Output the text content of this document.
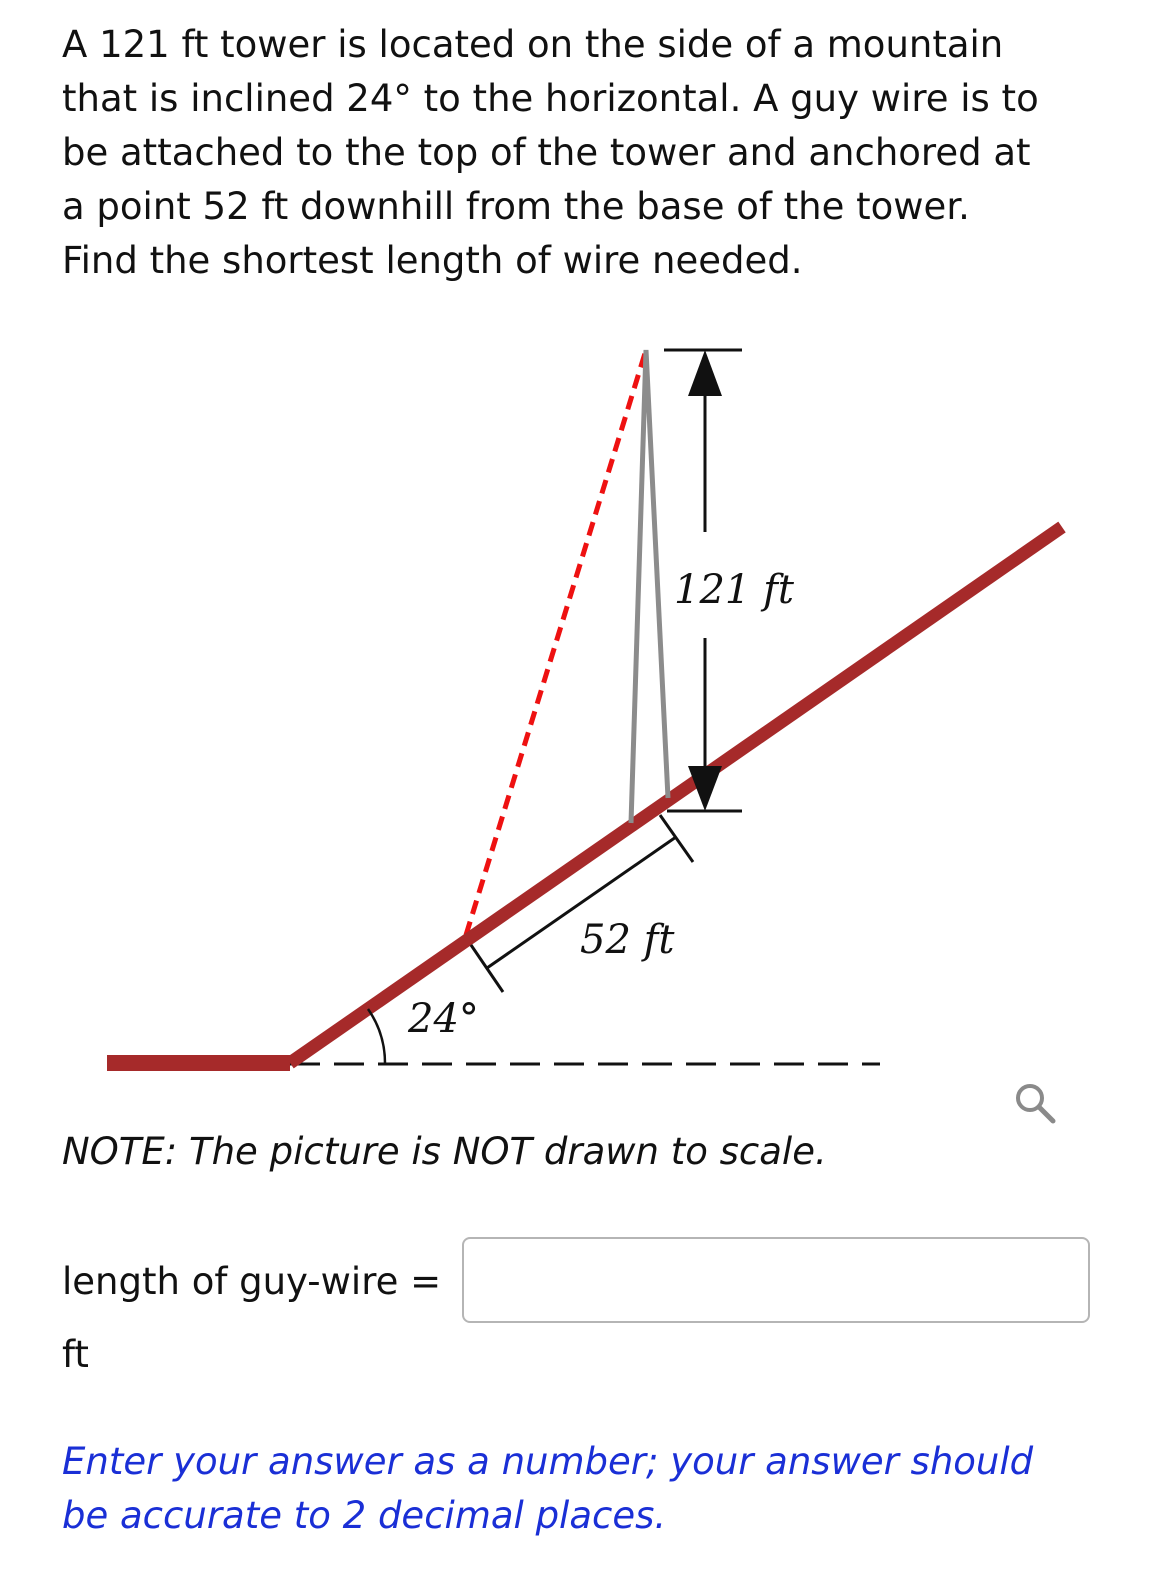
A 121 ft tower is located on the side of a mountain

that is inclined 24° to the horizontal. A guy wire is to

be attached to the top of the tower and anchored at

a point 52 ft downhill from the base of the tower.

Find the shortest length of wire needed.

121 ft
52 ft
24°
NOTE: The picture is NOT drawn to scale.
length of guy-wire =
ft

Enter your answer as a number; your answer should

be accurate to 2 decimal places.
